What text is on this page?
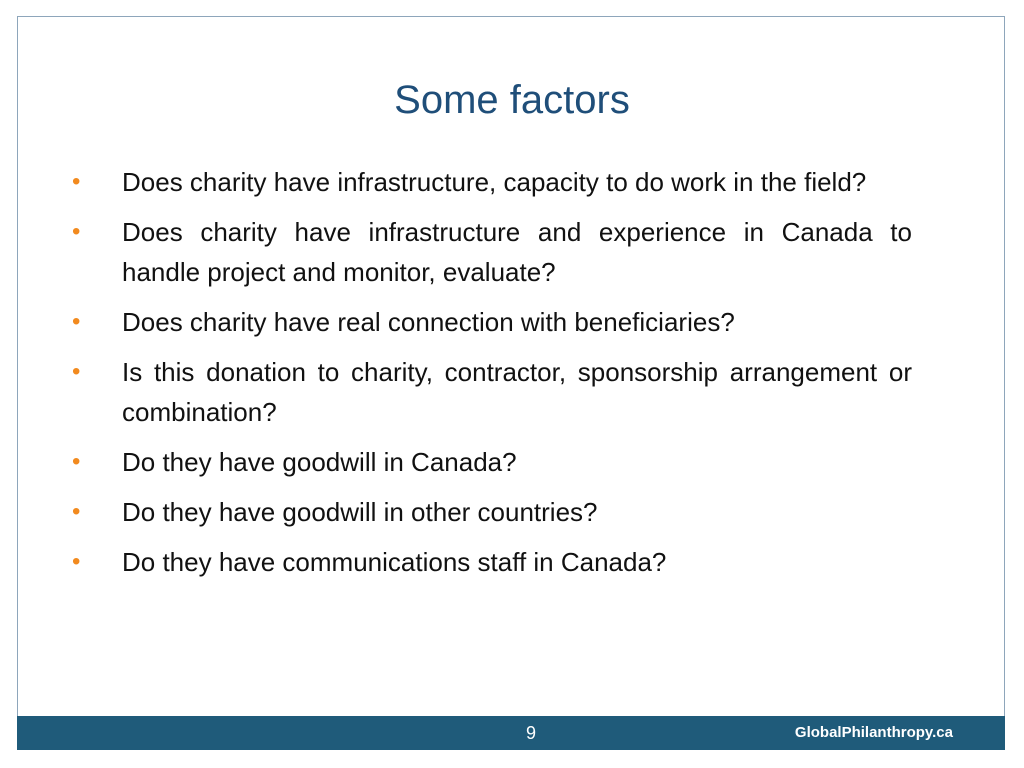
Some factors
• Does charity have infrastructure, capacity to do work in the field?
• Does charity have infrastructure and experience in Canada to handle project and monitor, evaluate?
• Does charity have real connection with beneficiaries?
• Is this donation to charity, contractor, sponsorship arrangement or combination?
• Do they have goodwill in Canada?
• Do they have goodwill in other countries?
• Do they have communications staff in Canada?
9	GlobalPhilanthropy.ca
